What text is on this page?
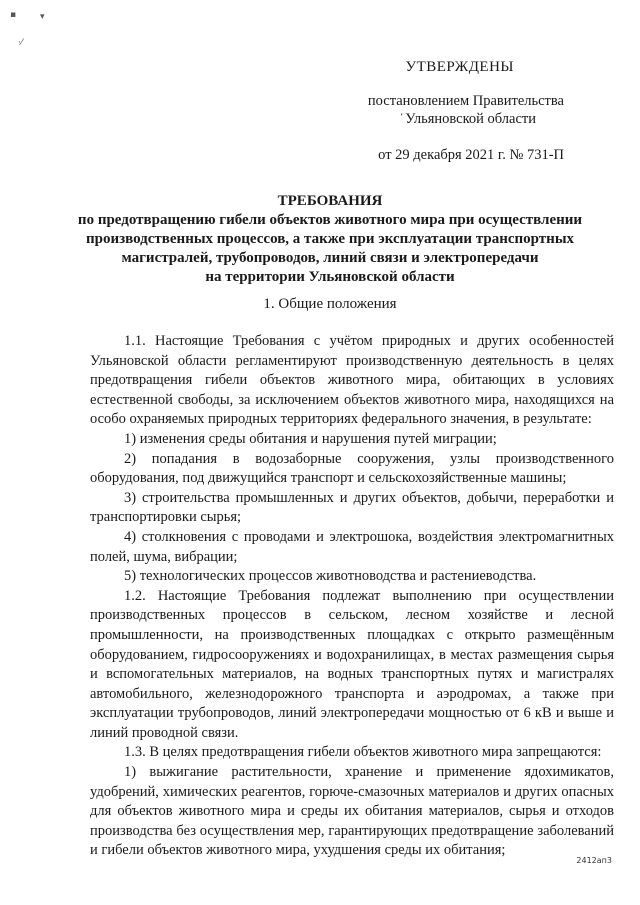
▪	▾
·⁄
УТВЕРЖДЕНЫ
постановлением Правительства
Ульяновской области
от 29 декабря 2021 г. № 731-П
ʻ
ТРЕБОВАНИЯ
по предотвращению гибели объектов животного мира при осуществлении
производственных процессов, а также при эксплуатации транспортных
магистралей, трубопроводов, линий связи и электропередачи
на территории Ульяновской области
1. Общие положения

1.1. Настоящие Требования с учётом природных и других особенностей Ульяновской области регламентируют производственную деятельность в целях предотвращения гибели объектов животного мира, обитающих в условиях естественной свободы, за исключением объектов животного мира, находящихся на особо охраняемых природных территориях федерального значения, в результате:

1) изменения среды обитания и нарушения путей миграции;

2) попадания в водозаборные сооружения, узлы производственного оборудования, под движущийся транспорт и сельскохозяйственные машины;

3) строительства промышленных и других объектов, добычи, переработки и транспортировки сырья;

4) столкновения с проводами и электрошока, воздействия электромагнитных полей, шума, вибрации;

5) технологических процессов животноводства и растениеводства.

1.2. Настоящие Требования подлежат выполнению при осуществлении производственных процессов в сельском, лесном хозяйстве и лесной промышленности, на производственных площадках с открыто размещённым оборудованием, гидросооружениях и водохранилищах, в местах размещения сырья и вспомогательных материалов, на водных транспортных путях и магистралях автомобильного, железнодорожного транспорта и аэродромах, а также при эксплуатации трубопроводов, линий электропередачи мощностью от 6 кВ и выше и линий проводной связи.

1.3. В целях предотвращения гибели объектов животного мира запрещаются:

1) выжигание растительности, хранение и применение ядохимикатов, удобрений, химических реагентов, горюче-смазочных материалов и других опасных для объектов животного мира и среды их обитания материалов, сырья и отходов производства без осуществления мер, гарантирующих предотвращение заболеваний и гибели объектов животного мира, ухудшения среды их обитания;

2412ап3
